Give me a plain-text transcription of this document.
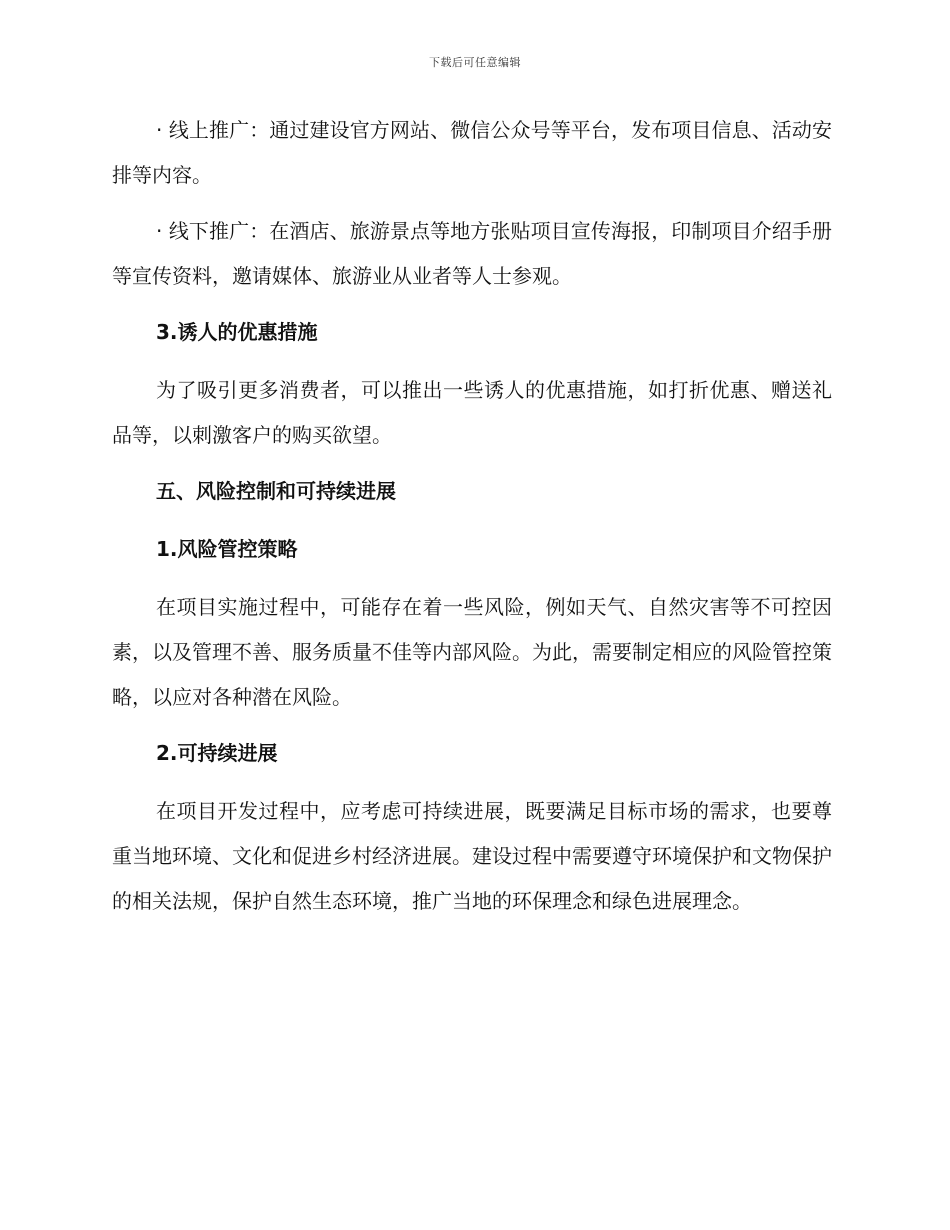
下载后可任意编辑

· 线上推广：通过建设官方网站、微信公众号等平台，发布项目信息、活动安排等内容。

· 线下推广：在酒店、旅游景点等地方张贴项目宣传海报，印制项目介绍手册等宣传资料，邀请媒体、旅游业从业者等人士参观。

3.诱人的优惠措施

为了吸引更多消费者，可以推出一些诱人的优惠措施，如打折优惠、赠送礼品等，以刺激客户的购买欲望。

五、风险控制和可持续进展

1.风险管控策略

在项目实施过程中，可能存在着一些风险，例如天气、自然灾害等不可控因素，以及管理不善、服务质量不佳等内部风险。为此，需要制定相应的风险管控策略，以应对各种潜在风险。

2.可持续进展

在项目开发过程中，应考虑可持续进展，既要满足目标市场的需求，也要尊重当地环境、文化和促进乡村经济进展。建设过程中需要遵守环境保护和文物保护的相关法规，保护自然生态环境，推广当地的环保理念和绿色进展理念。
